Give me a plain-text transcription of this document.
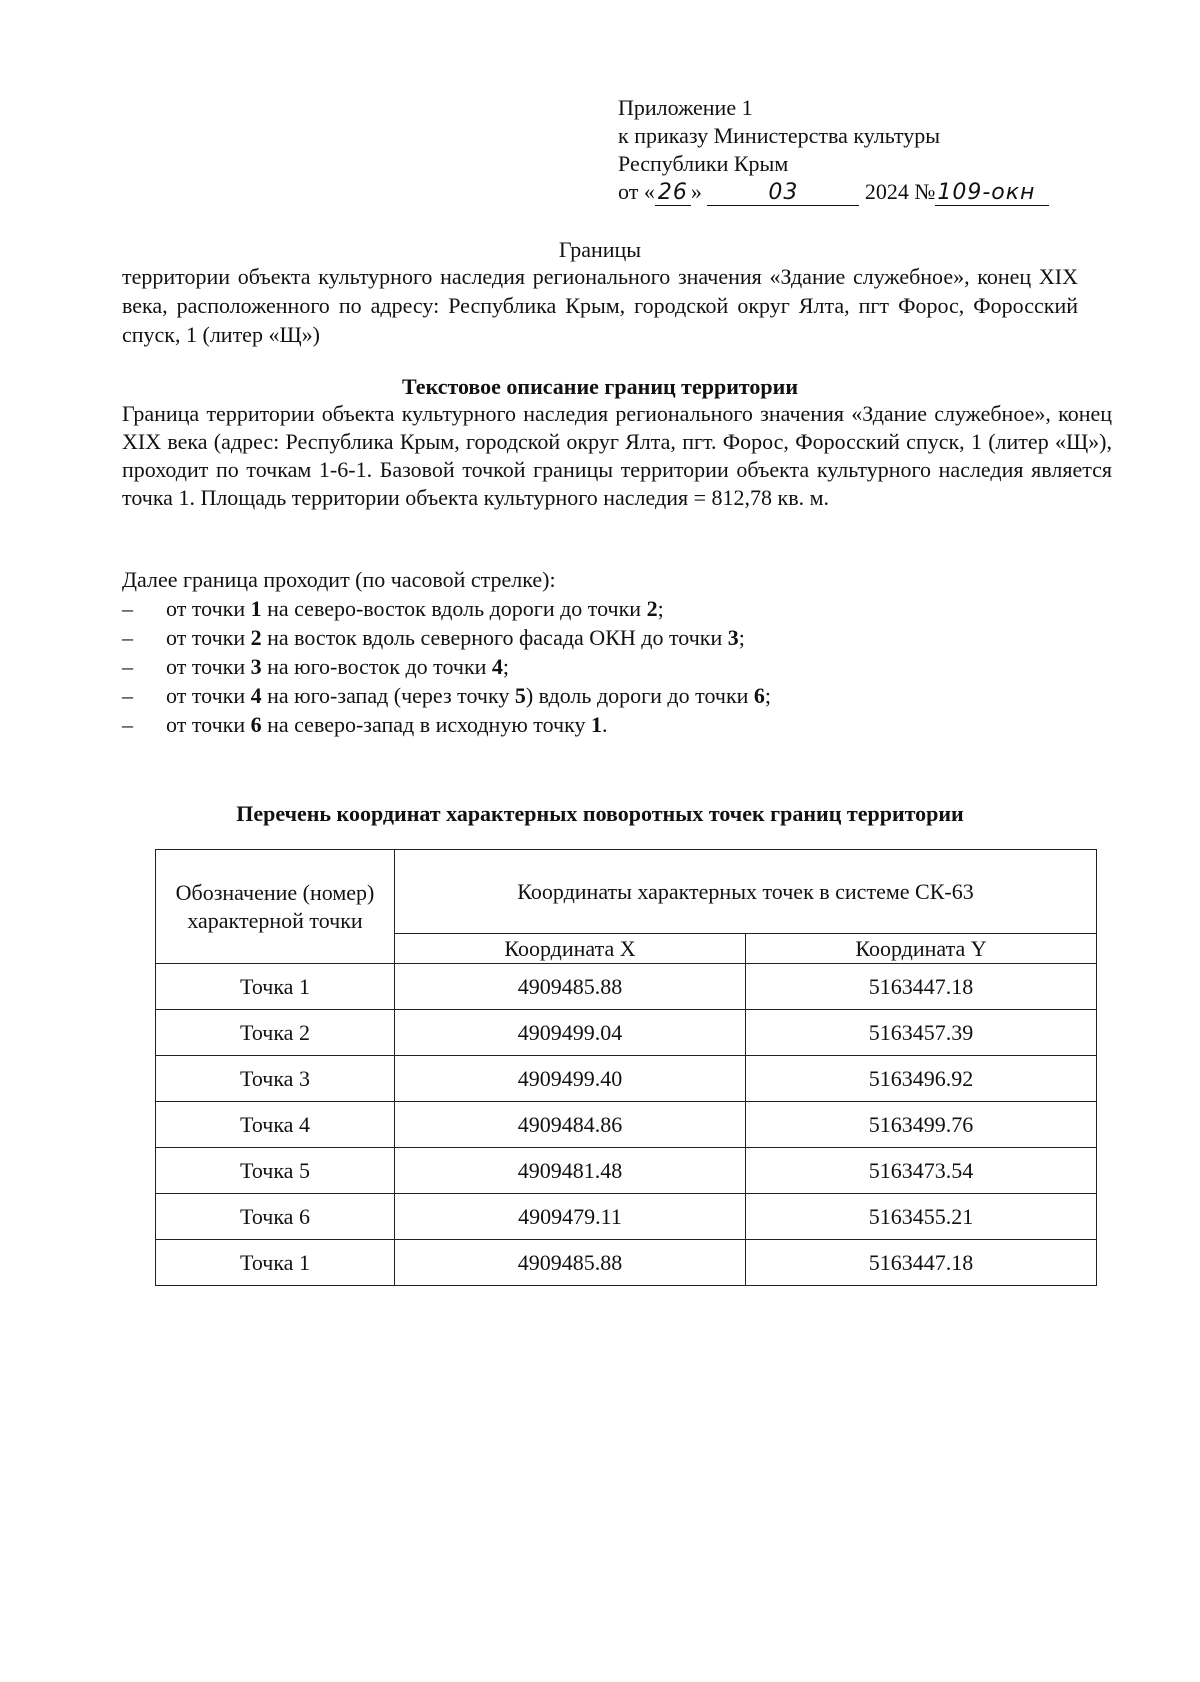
Приложение 1
к приказу Министерства культуры
Республики Крым
от « 26 »	03	2024 №109-окн
Границы
территории объекта культурного наследия регионального значения «Здание служебное», конец XIX века, расположенного по адресу: Республика Крым, городской округ Ялта, пгт Форос, Форосский спуск, 1 (литер «Щ»)
Текстовое описание границ территории
Граница территории объекта культурного наследия регионального значения «Здание служебное», конец XIX века (адрес: Республика Крым, городской округ Ялта, пгт. Форос, Форосский спуск, 1 (литер «Щ»), проходит по точкам 1-6-1. Базовой точкой границы территории объекта культурного наследия является точка 1. Площадь территории объекта культурного наследия = 812,78 кв. м.
Далее граница проходит (по часовой стрелке):
– от точки 1 на северо-восток вдоль дороги до точки 2;
– от точки 2 на восток вдоль северного фасада ОКН до точки 3;
– от точки 3 на юго-восток до точки 4;
– от точки 4 на юго-запад (через точку 5) вдоль дороги до точки 6;
– от точки 6 на северо-запад в исходную точку 1.
Перечень координат характерных поворотных точек границ территории
Обозначение (номер) характерной точки	Координаты характерных точек в системе СК-63	
	Координата X	Координата Y
Точка 1	4909485.88	5163447.18
Точка 2	4909499.04	5163457.39
Точка 3	4909499.40	5163496.92
Точка 4	4909484.86	5163499.76
Точка 5	4909481.48	5163473.54
Точка 6	4909479.11	5163455.21
Точка 1	4909485.88	5163447.18
